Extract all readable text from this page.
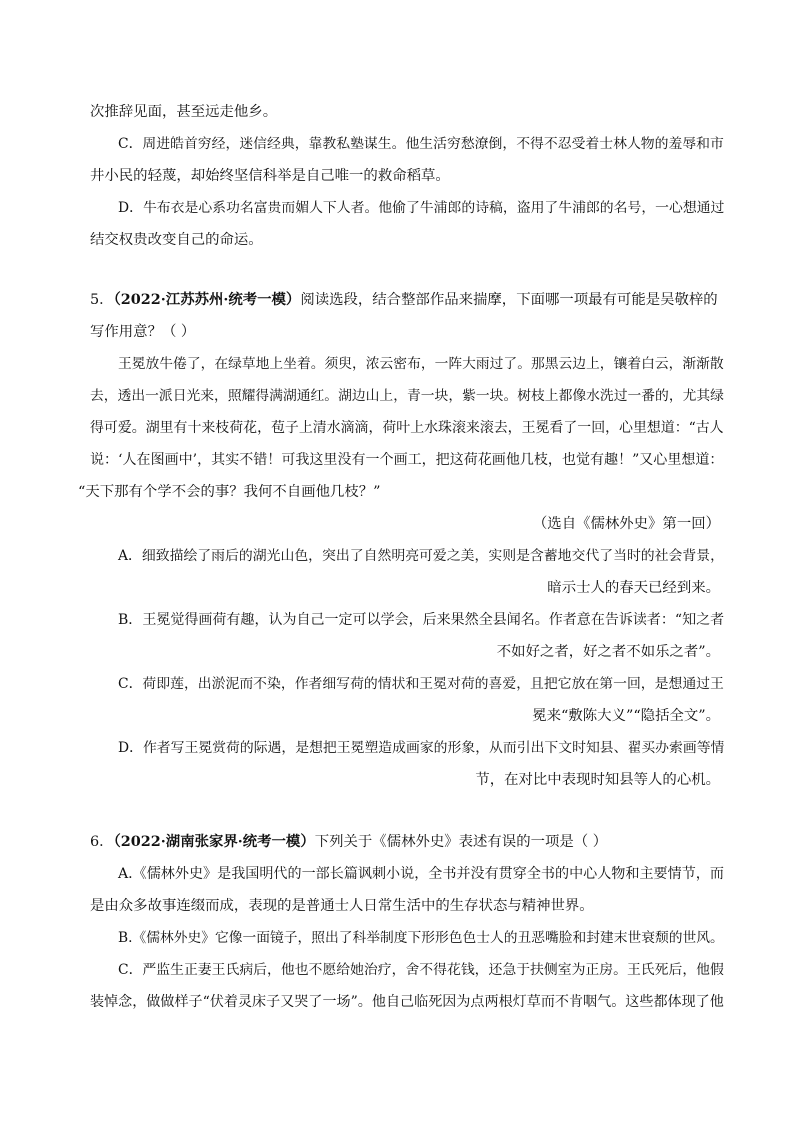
次推辞见面，甚至远走他乡。
C．周进皓首穷经，迷信经典，靠教私塾谋生。他生活穷愁潦倒，不得不忍受着士林人物的羞辱和市
井小民的轻蔑，却始终坚信科举是自己唯一的救命稻草。
D．牛布衣是心系功名富贵而媚人下人者。他偷了牛浦郎的诗稿，盗用了牛浦郎的名号，一心想通过
结交权贵改变自己的命运。
5．（2022·江苏苏州·统考一模）阅读选段，结合整部作品来揣摩，下面哪一项最有可能是吴敬梓的
写作用意？（ ）
王冕放牛倦了，在绿草地上坐着。须臾，浓云密布，一阵大雨过了。那黑云边上，镶着白云，渐渐散
去，透出一派日光来，照耀得满湖通红。湖边山上，青一块，紫一块。树枝上都像水洗过一番的，尤其绿
得可爱。湖里有十来枝荷花，苞子上清水滴滴，荷叶上水珠滚来滚去，王冕看了一回，心里想道：“古人
说：‘人在图画中’，其实不错！可我这里没有一个画工，把这荷花画他几枝，也觉有趣！”又心里想道：
“天下那有个学不会的事？我何不自画他几枝？”
（选自《儒林外史》第一回）
A．细致描绘了雨后的湖光山色，突出了自然明亮可爱之美，实则是含蓄地交代了当时的社会背景，
暗示士人的春天已经到来。
B．王冕觉得画荷有趣，认为自己一定可以学会，后来果然全县闻名。作者意在告诉读者：“知之者
不如好之者，好之者不如乐之者”。
C．荷即莲，出淤泥而不染，作者细写荷的情状和王冕对荷的喜爱，且把它放在第一回，是想通过王
冕来“敷陈大义”“隐括全文”。
D．作者写王冕赏荷的际遇，是想把王冕塑造成画家的形象，从而引出下文时知县、翟买办索画等情
节，在对比中表现时知县等人的心机。
6．（2022·湖南张家界·统考一模）下列关于《儒林外史》表述有误的一项是（ ）
A.《儒林外史》是我国明代的一部长篇讽刺小说，全书并没有贯穿全书的中心人物和主要情节，而
是由众多故事连缀而成，表现的是普通士人日常生活中的生存状态与精神世界。
B.《儒林外史》它像一面镜子，照出了科举制度下形形色色士人的丑恶嘴脸和封建末世衰颓的世风。
C．严监生正妻王氏病后，他也不愿给她治疗，舍不得花钱，还急于扶侧室为正房。王氏死后，他假
装悼念，做做样子“伏着灵床子又哭了一场”。他自己临死因为点两根灯草而不肯咽气。这些都体现了他
